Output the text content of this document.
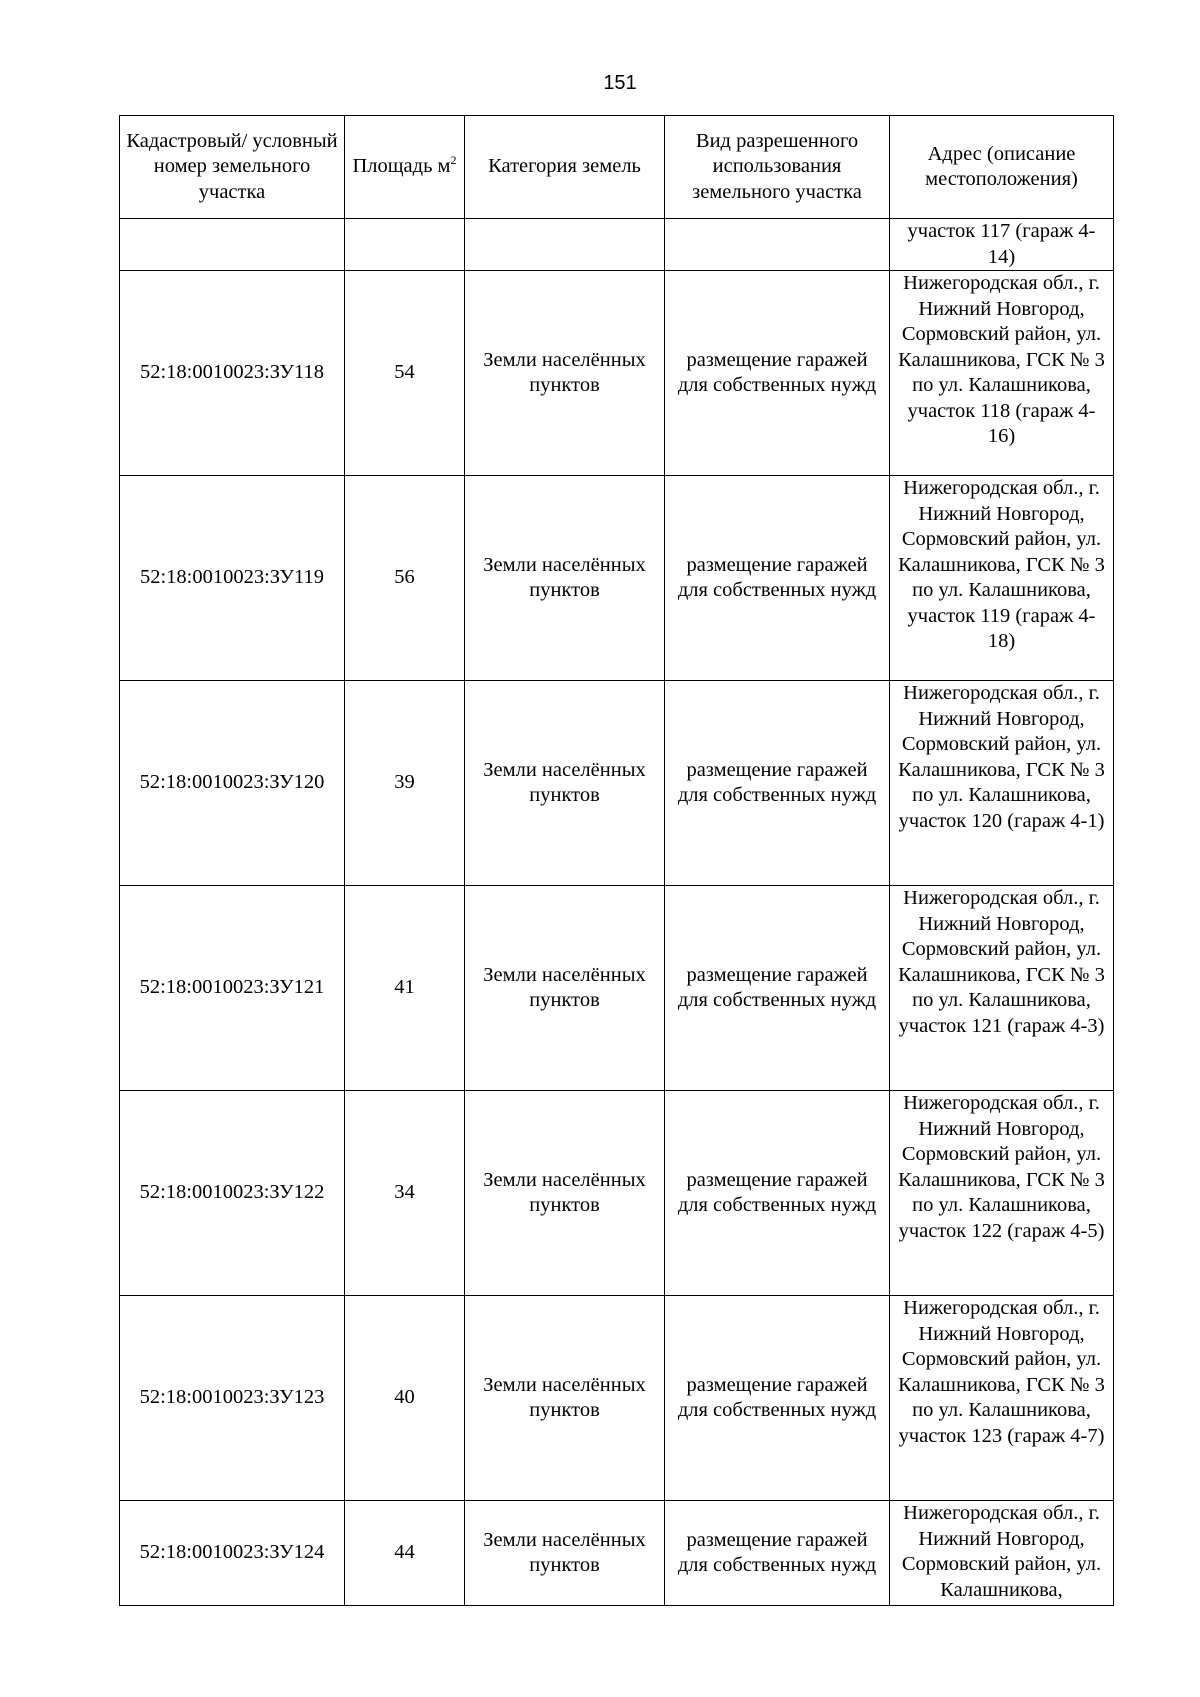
151
Кадастровый/ условный номер земельного участка	Площадь $м^2$	Категория земель	Вид разрешенного использования земельного участка	Адрес (описание местоположения)
				участок 117 (гараж 4-14)
52:18:0010023:ЗУ118	54	Земли населённых пунктов	размещение гаражей для собственных нужд	Нижегородская обл., г. Нижний Новгород, Сормовский район, ул. Калашникова, ГСК № 3 по ул. Калашникова, участок 118 (гараж 4-16)
52:18:0010023:ЗУ119	56	Земли населённых пунктов	размещение гаражей для собственных нужд	Нижегородская обл., г. Нижний Новгород, Сормовский район, ул. Калашникова, ГСК № 3 по ул. Калашникова, участок 119 (гараж 4-18)
52:18:0010023:ЗУ120	39	Земли населённых пунктов	размещение гаражей для собственных нужд	Нижегородская обл., г. Нижний Новгород, Сормовский район, ул. Калашникова, ГСК № 3 по ул. Калашникова, участок 120 (гараж 4-1)
52:18:0010023:ЗУ121	41	Земли населённых пунктов	размещение гаражей для собственных нужд	Нижегородская обл., г. Нижний Новгород, Сормовский район, ул. Калашникова, ГСК № 3 по ул. Калашникова, участок 121 (гараж 4-3)
52:18:0010023:ЗУ122	34	Земли населённых пунктов	размещение гаражей для собственных нужд	Нижегородская обл., г. Нижний Новгород, Сормовский район, ул. Калашникова, ГСК № 3 по ул. Калашникова, участок 122 (гараж 4-5)
52:18:0010023:ЗУ123	40	Земли населённых пунктов	размещение гаражей для собственных нужд	Нижегородская обл., г. Нижний Новгород, Сормовский район, ул. Калашникова, ГСК № 3 по ул. Калашникова, участок 123 (гараж 4-7)
52:18:0010023:ЗУ124	44	Земли населённых пунктов	размещение гаражей для собственных нужд	Нижегородская обл., г. Нижний Новгород, Сормовский район, ул. Калашникова,
